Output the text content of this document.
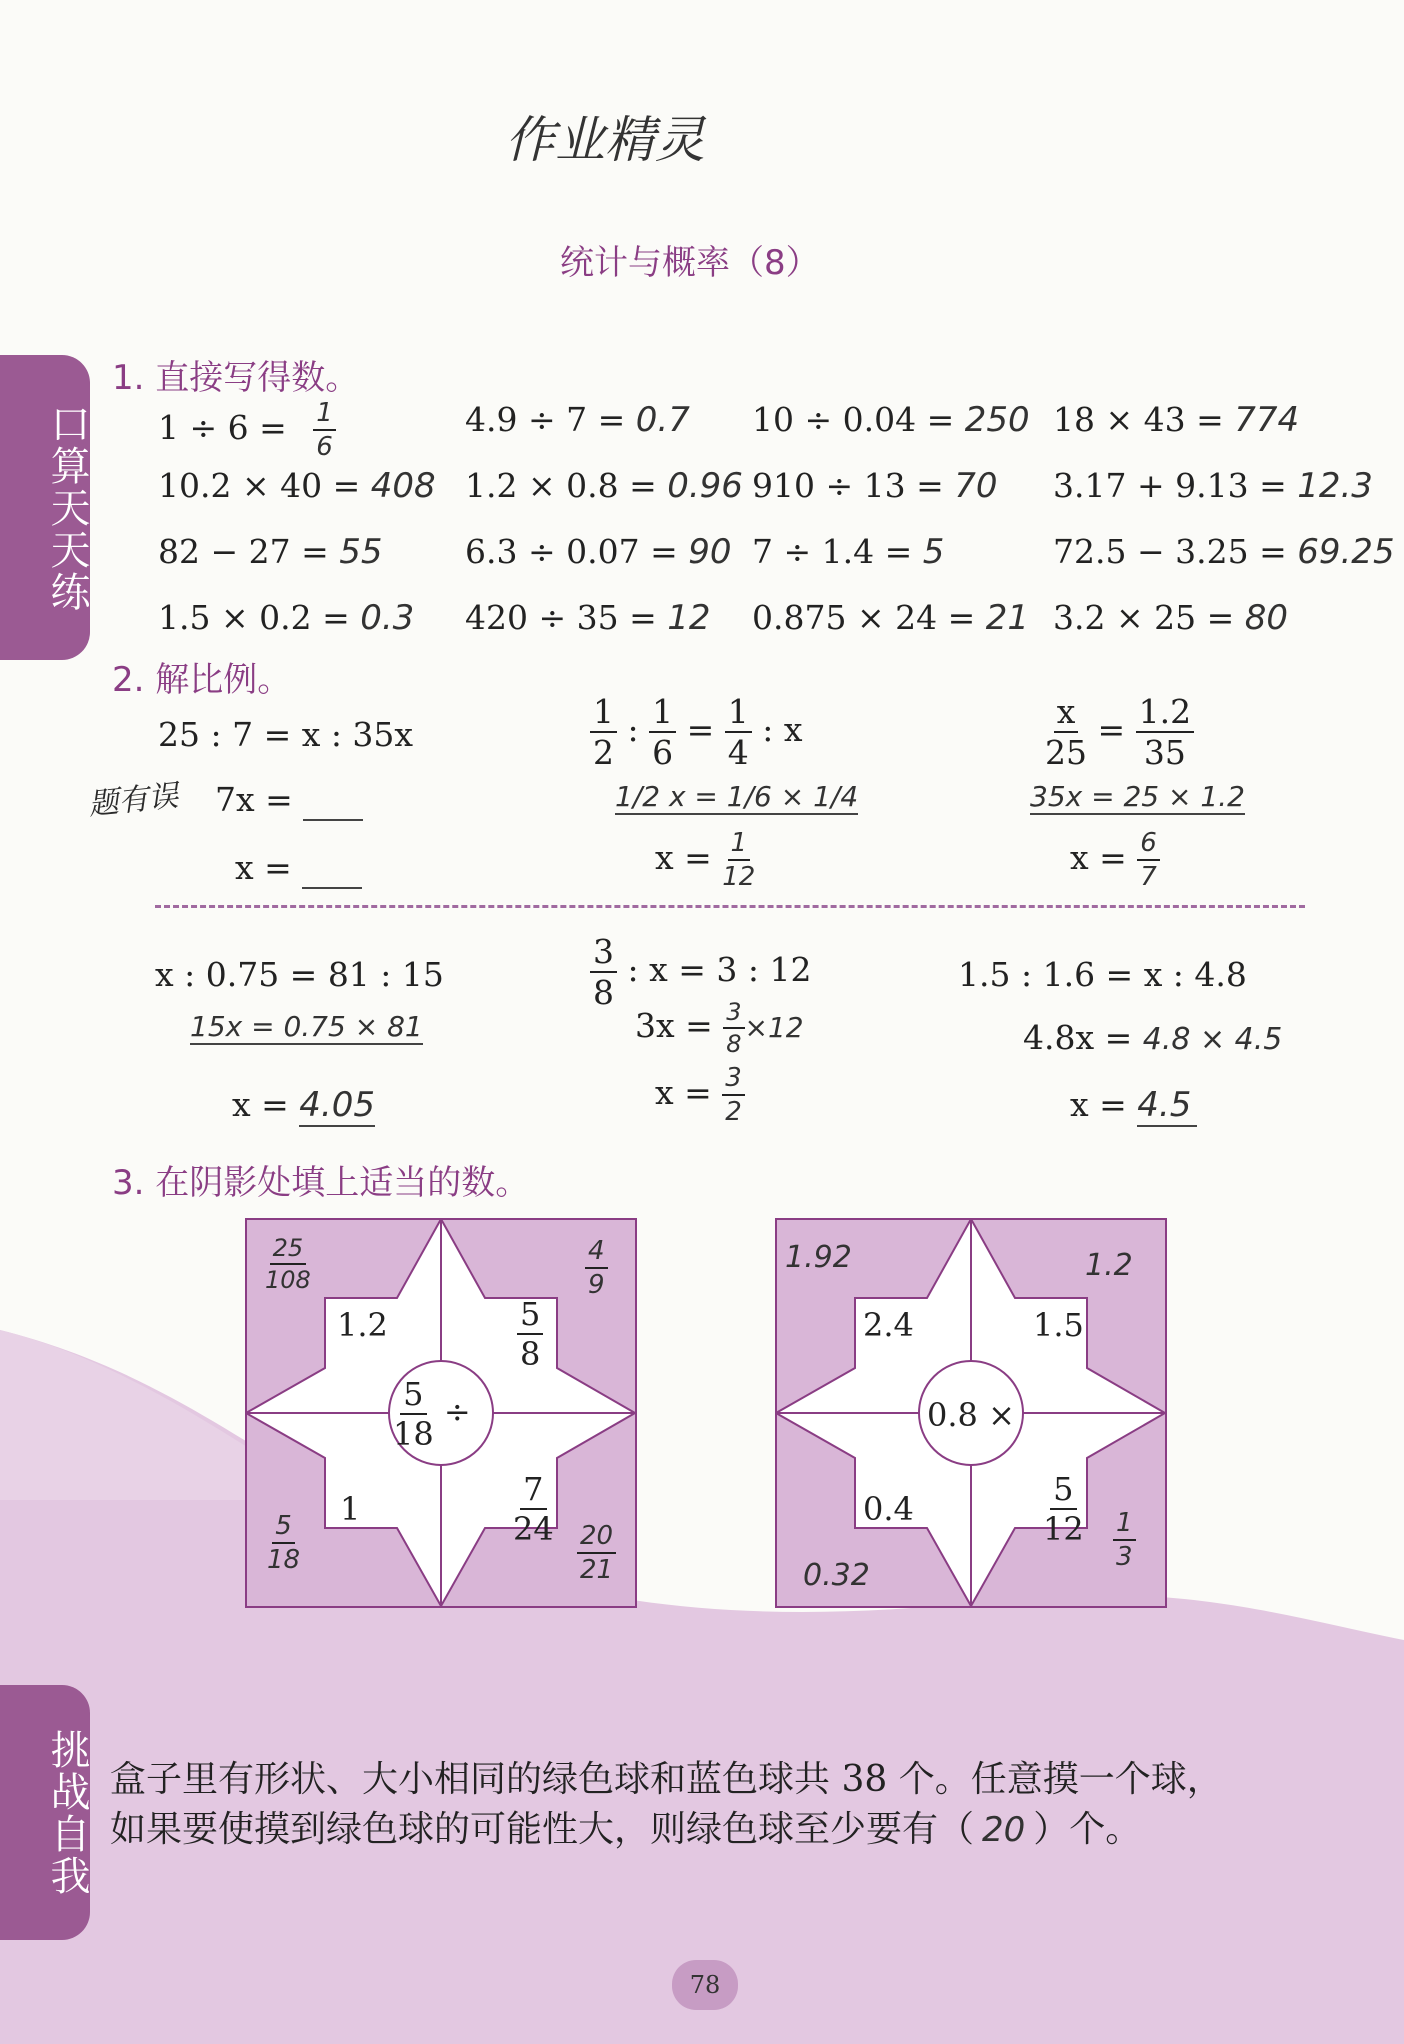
作业精灵
统计与概率（8）
口算天天练
挑战自我
1. 直接写得数。
$1 \div 6 = \frac{1}{6}$	4.9 ÷ 7 = 0.7 10 ÷ 0.04 = 250 18 × 43 = 774
10.2 × 40 = 408 1.2 × 0.8 = 0.96 910 ÷ 13 = 70 3.17 + 9.13 = 12.3
82 − 27 = 55 6.3 ÷ 0.07 = 90 7 ÷ 1.4 = 5	72.5 − 3.25 = 69.25
1.5 × 0.2 = 0.3 420 ÷ 35 = 12 0.875 × 24 = 21 3.2 × 25 = 80
2. 解比例。
25 : 7 = x : 35x
题有误 7x =
x =
$\frac{1}{2}$ : $\frac{1}{6} = \frac{1}{4}$ : x
1/2 x = 1/6 × 1/4
$x = \frac{1}{12}$
$\frac{x}{25} = \frac{1.2}{35}$
35x = 25 × 1.2
$x = \frac{6}{7}$
x : 0.75 = 81 : 15
15x = 0.75 × 81
x = 4.05
$\frac{3}{8}$ : x = 3 : 12
$3x = \frac{3}{8} \times 12$
$x = \frac{3}{2}$
1.5 : 1.6 = x : 4.8
4.8x = 4.8 × 4.5
x = 4.5
3. 在阴影处填上适当的数。
$\frac{5}{18}$ ÷
1.2	$\frac{5}{8}$
1	$\frac{7}{24}$
$\frac{25}{108}$	$\frac{4}{9}$
$\frac{5}{18}$	$\frac{20}{21}$
0.8 ×
2.4	1.5
0.4	$\frac{5}{12}$
1.92	1.2
0.32
$\frac{1}{3}$
盒子里有形状、大小相同的绿色球和蓝色球共 38 个。任意摸一个球，
如果要使摸到绿色球的可能性大，则绿色球至少要有（ 20 ）个。
78
